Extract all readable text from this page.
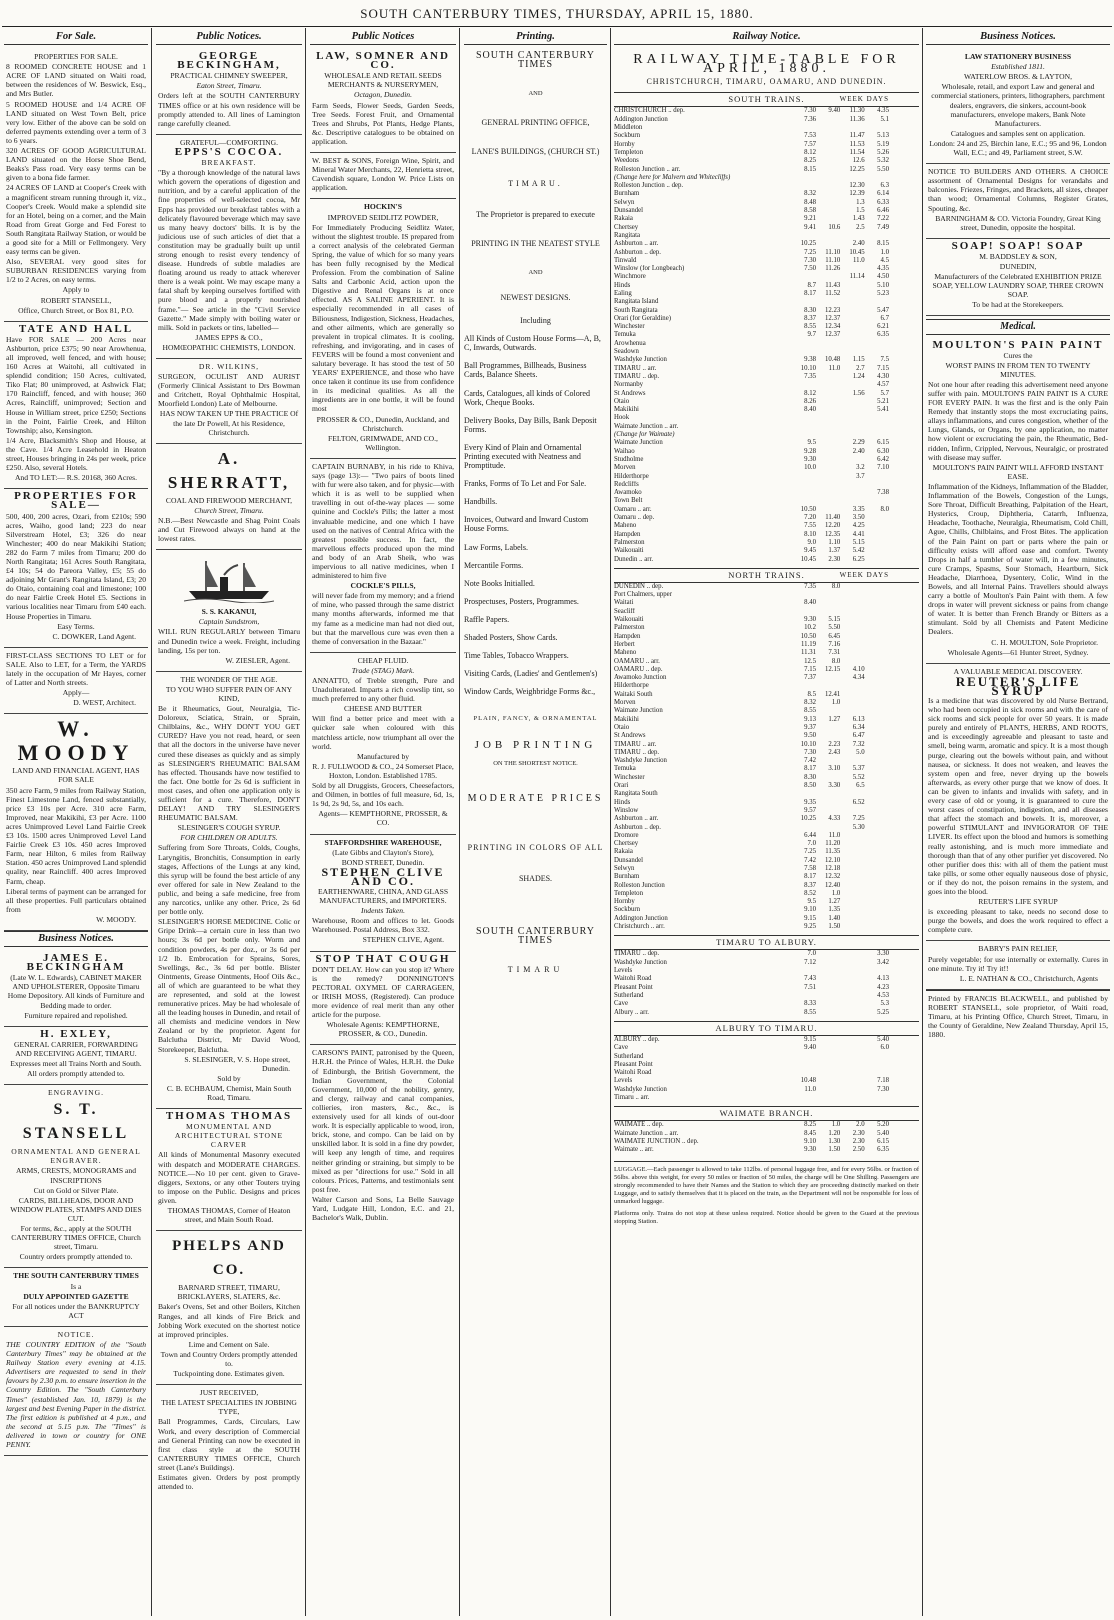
SOUTH CANTERBURY TIMES, THURSDAY, APRIL 15, 1880.
For Sale.

PROPERTIES FOR SALE.

8 ROOMED CONCRETE HOUSE and 1 ACRE OF LAND situated on Waiti road, between the residences of W. Beswick, Esq., and Mrs Butler.

5 ROOMED HOUSE and 1/4 ACRE OF LAND situated on West Town Belt, price very low. Either of the above can be sold on deferred payments extending over a term of 3 to 6 years.

320 ACRES OF GOOD AGRICULTURAL LAND situated on the Horse Shoe Bend, Beaks's Pass road. Very easy terms can be given to a bona fide farmer.

24 ACRES OF LAND at Cooper's Creek with a magnificent stream running through it, viz., Cooper's Creek. Would make a splendid site for an Hotel, being on a corner, and the Main Road from Great Gorge and Fed Forest to South Rangitata Railway Station, or would be a good site for a Mill or Fellmongery. Very easy terms can be given.

Also, SEVERAL very good sites for SUBURBAN RESIDENCES varying from 1/2 to 2 Acres, on easy terms.

Apply to

ROBERT STANSELL,

Office, Church Street, or Box 81, P.O.

TATE AND HALL

Have FOR SALE — 200 Acres near Ashburton, price £375; 90 near Arowhenua, all improved, well fenced, and with house; 160 Acres at Waitohi, all cultivated in splendid condition; 150 Acres, cultivated, Tiko Flat; 80 unimproved, at Ashwick Flat; 170 Raincliff, fenced, and with house; 360 Acres, Raincliff, unimproved; Section and House in William street, price £250; Sections in the Point, Fairlie Creek, and Hilton Township; also, Kensington.

1/4 Acre, Blacksmith's Shop and House, at the Cave. 1/4 Acre Leasehold in Heaton street, Houses bringing in 24s per week, price £250. Also, several Hotels.

And TO LET:— R.S. 20168, 360 Acres.

PROPERTIES FOR SALE—

500, 400, 200 acres, Ozari, from £210s; 590 acres, Waiho, good land; 223 do near Silverstream Hotel, £3; 326 do near Winchester; 400 do near Makikihi Station; 282 do Farm 7 miles from Timaru; 200 do North Rangitata; 161 Acres South Rangitata, £4 10s; 54 do Pareora Valley, £5; 55 do adjoining Mr Grant's Rangitata Island, £3; 20 do Otaio, containing coal and limestone; 100 do near Fairlie Creek Hotel £5. Sections in various localities near Timaru from £40 each. House Properties in Timaru.

Easy Terms.

C. DOWKER, Land Agent.

FIRST-CLASS SECTIONS TO LET or for SALE. Also to LET, for a Term, the YARDS lately in the occupation of Mr Hayes, corner of Latter and North streets.

Apply—

D. WEST, Architect.

W. MOODY

LAND AND FINANCIAL AGENT, HAS FOR SALE

350 acre Farm, 9 miles from Railway Station, Finest Limestone Land, fenced substantially, price £3 10s per Acre. 310 acre Farm, Improved, near Makikihi, £3 per Acre. 1100 acres Unimproved Level Land Fairlie Creek £3 10s. 1500 acres Unimproved Level Land Fairlie Creek £3 10s. 450 acres Improved Farm, near Hilton, 6 miles from Railway Station. 450 acres Unimproved Land splendid quality, near Raincliff. 400 acres Improved Farm, cheap.

Liberal terms of payment can be arranged for all these properties. Full particulars obtained from

W. MOODY.

Business Notices.

JAMES E. BECKINGHAM

(Late W. L. Edwards), CABINET MAKER AND UPHOLSTERER, Opposite Timaru Home Depository. All kinds of Furniture and Bedding made to order.

Furniture repaired and repolished.

H. EXLEY,

GENERAL CARRIER, FORWARDING AND RECEIVING AGENT, TIMARU.

Expresses meet all Trains North and South.

All orders promptly attended to.

ENGRAVING.

S. T. STANSELL

ORNAMENTAL AND GENERAL ENGRAVER.

ARMS, CRESTS, MONOGRAMS and INSCRIPTIONS

Cut on Gold or Silver Plate.

CARDS, BILLHEADS, DOOR AND WINDOW PLATES, STAMPS AND DIES CUT.

For terms, &c., apply at the SOUTH CANTERBURY TIMES OFFICE, Church street, Timaru.

Country orders promptly attended to.

THE SOUTH CANTERBURY TIMES

Is a

DULY APPOINTED GAZETTE

For all notices under the BANKRUPTCY ACT

NOTICE.

THE COUNTRY EDITION of the "South Canterbury Times" may be obtained at the Railway Station every evening at 4.15. Advertisers are requested to send in their favours by 2.30 p.m. to ensure insertion in the Country Edition. The "South Canterbury Times" (established Jan. 10, 1879) is the largest and best Evening Paper in the district. The first edition is published at 4 p.m., and the second at 5.15 p.m. The "Times" is delivered in town or country for ONE PENNY.

Public Notices.

GEORGE BECKINGHAM,

PRACTICAL CHIMNEY SWEEPER,

Eaton Street, Timaru.

Orders left at the SOUTH CANTERBURY TIMES office or at his own residence will be promptly attended to. All lines of Lamington range carefully cleaned.

GRATEFUL—COMFORTING.

EPPS'S COCOA.

BREAKFAST.

"By a thorough knowledge of the natural laws which govern the operations of digestion and nutrition, and by a careful application of the fine properties of well-selected cocoa, Mr Epps has provided our breakfast tables with a delicately flavoured beverage which may save us many heavy doctors' bills. It is by the judicious use of such articles of diet that a constitution may be gradually built up until strong enough to resist every tendency of disease. Hundreds of subtle maladies are floating around us ready to attack wherever there is a weak point. We may escape many a fatal shaft by keeping ourselves fortified with pure blood and a properly nourished frame."— See article in the "Civil Service Gazette." Made simply with boiling water or milk. Sold in packets or tins, labelled—

JAMES EPPS & CO.,

HOMŒOPATHIC CHEMISTS, LONDON.

DR. WILKINS,

SURGEON, OCULIST AND AURIST (Formerly Clinical Assistant to Drs Bowman and Critchett, Royal Ophthalmic Hospital, Moorfield London) Late of Melbourne.

HAS NOW TAKEN UP THE PRACTICE Of the late Dr Powell, At his Residence, Christchurch.

A. SHERRATT,

COAL AND FIREWOOD MERCHANT,

Church Street, Timaru.

N.B.—Best Newcastle and Shag Point Coals and Cut Firewood always on hand at the lowest rates.

S. S. KAKANUI,

Captain Sundstrom,

WILL RUN REGULARLY between Timaru and Dunedin twice a week. Freight, including landing, 15s per ton.

W. ZIESLER, Agent.

THE WONDER OF THE AGE.

TO YOU WHO SUFFER PAIN OF ANY KIND,

Be it Rheumatics, Gout, Neuralgia, Tic-Doloreux, Sciatica, Strain, or Sprain, Chilblains, &c., WHY DON'T YOU GET CURED? Have you not read, heard, or seen that all the doctors in the universe have never cured these diseases as quickly and as simply as SLESINGER'S RHEUMATIC BALSAM has effected. Thousands have now testified to the fact. One bottle for 2s 6d is sufficient in most cases, and often one application only is sufficient for a cure. Therefore, DON'T DELAY! AND TRY SLESINGER'S RHEUMATIC BALSAM.

SLESINGER'S COUGH SYRUP.

FOR CHILDREN OR ADULTS.

Suffering from Sore Throats, Colds, Coughs, Laryngitis, Bronchitis, Consumption in early stages, Affections of the Lungs at any kind, this syrup will be found the best article of any ever offered for sale in New Zealand to the public, and being a safe medicine, free from any narcotics, unlike any other. Price, 2s 6d per bottle only.

SLESINGER'S HORSE MEDICINE. Colic or Gripe Drink—a certain cure in less than two hours; 3s 6d per bottle only. Worm and condition powders, 4s per doz., or 3s 6d per 1/2 lb. Embrocation for Sprains, Sores, Swellings, &c., 3s 6d per bottle. Blister Ointments, Grease Ointments, Hoof Oils &c., all of which are guaranteed to be what they are represented, and sold at the lowest remunerative prices. May be had wholesale of all the leading houses in Dunedin, and retail of all chemists and medicine vendors in New Zealand or by the proprietor. Agent for Balclutha District, Mr David Wood, Storekeeper, Balclutha.

S. SLESINGER, V. S. Hope street, Dunedin.

Sold by

C. B. ECHBAUM, Chemist, Main South Road, Timaru.

THOMAS THOMAS

MONUMENTAL AND ARCHITECTURAL STONE CARVER

All kinds of Monumental Masonry executed with despatch and MODERATE CHARGES. NOTICE.—No 10 per cent. given to Grave-diggers, Sextons, or any other Touters trying to impose on the Public. Designs and prices given.

THOMAS THOMAS, Corner of Heaton street, and Main South Road.

PHELPS AND CO.

BARNARD STREET, TIMARU, BRICKLAYERS, SLATERS, &c.

Baker's Ovens, Set and other Boilers, Kitchen Ranges, and all kinds of Fire Brick and Jobbing Work executed on the shortest notice at improved principles.

Lime and Cement on Sale.

Town and Country Orders promptly attended to.

Tuckpointing done. Estimates given.

JUST RECEIVED,

THE LATEST SPECIALTIES IN JOBBING TYPE,

Ball Programmes, Cards, Circulars, Law Work, and every description of Commercial and General Printing can now be executed in first class style at the SOUTH CANTERBURY TIMES OFFICE, Church street (Lane's Buildings).

Estimates given. Orders by post promptly attended to.

Public Notices

LAW, SOMNER AND CO.

WHOLESALE AND RETAIL SEEDS MERCHANTS & NURSERYMEN,

Octagon, Dunedin.

Farm Seeds, Flower Seeds, Garden Seeds, Tree Seeds. Forest Fruit, and Ornamental Trees and Shrubs, Pot Plants, Hedge Plants, &c. Descriptive catalogues to be obtained on application.

W. BEST & SONS, Foreign Wine, Spirit, and Mineral Water Merchants, 22, Henrietta street, Cavendish square, London W. Price Lists on application.

HOCKIN'S

IMPROVED SEIDLITZ POWDER,

For Immediately Producing Seidlitz Water, without the slightest trouble. IS prepared from a correct analysis of the celebrated German Spring, the value of which for so many years has been fully recognised by the Medical Profession. From the combination of Saline Salts and Carbonic Acid, action upon the Digestive and Renal Organs is at once effected. AS A SALINE APERIENT. It is especially recommended in all cases of Biliousness, Indigestion, Sickness, Headaches, and other ailments, which are generally so prevalent in tropical climates. It is cooling, refreshing, and invigorating, and in cases of FEVERS will be found a most convenient and salutary beverage. It has stood the test of 50 YEARS' EXPERIENCE, and those who have once taken it continue its use from confidence in its medicinal qualities. As all the ingredients are in one bottle, it will be found most

PROSSER & CO., Dunedin, Auckland, and Christchurch.

FELTON, GRIMWADE, AND CO., Wellington.

CAPTAIN BURNABY, in his ride to Khiva, says (page 13):— "Two pairs of boots lined with fur were also taken, and for physic—with which it is as well to be supplied when travelling in out of-the-way places — some quinine and Cockle's Pills; the latter a most invaluable medicine, and one which I have used on the natives of Central Africa with the greatest possible success. In fact, the marvellous effects produced upon the mind and body of an Arab Sheik, who was impervious to all native medicines, when I administered to him five

COCKLE'S PILLS,

will never fade from my memory; and a friend of mine, who passed through the same district many months afterwards, informed me that my fame as a medicine man had not died out, but that the marvellous cure was even then a theme of conversation in the Bazaar."

CHEAP FLUID.

Trade (STAG) Mark.

ANNATTO, of Treble strength, Pure and Unadulterated. Imparts a rich cowslip tint, so much preferred to any other fluid.

CHEESE AND BUTTER

Will find a better price and meet with a quicker sale when coloured with this matchless article, now triumphant all over the world.

Manufactured by

R. J. FULLWOOD & CO., 24 Somerset Place, Hoxton, London. Established 1785.

Sold by all Druggists, Grocers, Cheesefactors, and Oilmen, in bottles of full measure, 6d, 1s, 1s 9d, 2s 9d, 5s, and 10s each.

Agents— KEMPTHORNE, PROSSER, & CO.

STAFFORDSHIRE WAREHOUSE,

(Late Gibbs and Clayton's Store),

BOND STREET, Dunedin.

STEPHEN CLIVE AND CO.

EARTHENWARE, CHINA, AND GLASS MANUFACTURERS, and IMPORTERS.

Indents Taken.

Warehouse, Room and offices to let. Goods Warehoused. Postal Address, Box 332.

STEPHEN CLIVE, Agent.

STOP THAT COUGH

DON'T DELAY. How can you stop it? Where is the remedy? DONNINGTON'S PECTORAL OXYMEL OF CARRAGEEN, or IRISH MOSS, (Registered). Can produce more evidence of real merit than any other article for the purpose.

Wholesale Agents: KEMPTHORNE, PROSSER, & CO., Dunedin.

CARSON'S PAINT, patronised by the Queen, H.R.H. the Prince of Wales, H.R.H. the Duke of Edinburgh, the British Government, the Indian Government, the Colonial Government, 10,000 of the nobility, gentry, and clergy, railway and canal companies, collieries, iron masters, &c., &c., is extensively used for all kinds of out-door work. It is especially applicable to wood, iron, brick, stone, and compo. Can be laid on by unskilled labor. It is sold in a fine dry powder, will keep any length of time, and requires neither grinding or straining, but simply to be mixed as per "directions for use." Sold in all colours. Prices, Patterns, and testimonials sent post free.

Walter Carson and Sons, La Belle Sauvage Yard, Ludgate Hill, London, E.C. and 21, Bachelor's Walk, Dublin.

Printing.
SOUTH CANTERBURY TIMES
AND
GENERAL PRINTING OFFICE,
LANE'S BUILDINGS, (CHURCH ST.)
TIMARU.
The Proprietor is prepared to execute
PRINTING IN THE NEATEST STYLE
AND
NEWEST DESIGNS.
Including
All Kinds of Custom House Forms—A, B, C, Inwards, Outwards.
Ball Programmes, Billheads, Business Cards, Balance Sheets.
Cards, Catalogues, all kinds of Colored Work, Cheque Books.
Delivery Books, Day Bills, Bank Deposit Forms.
Every Kind of Plain and Ornamental Printing executed with Neatness and Promptitude.
Franks, Forms of To Let and For Sale.
Handbills.
Invoices, Outward and Inward Custom House Forms.
Law Forms, Labels.
Mercantile Forms.
Note Books Initialled.
Prospectuses, Posters, Programmes.
Raffle Papers.
Shaded Posters, Show Cards.
Time Tables, Tobacco Wrappers.
Visiting Cards, (Ladies' and Gentlemen's)
Window Cards, Weighbridge Forms &c.,
PLAIN, FANCY, & ORNAMENTAL
JOB PRINTING
ON THE SHORTEST NOTICE.
MODERATE PRICES
PRINTING IN COLORS OF ALL
SHADES.
SOUTH CANTERBURY TIMES
TIMARU
Railway Notice.
RAILWAY TIME-TABLE FOR APRIL, 1880.
CHRISTCHURCH, TIMARU, OAMARU, AND DUNEDIN.
SOUTH TRAINS.	WEEK DAYS
CHRISTCHURCH .. dep.	7.30	9.40	11.30	4.35
Addington Junction	7.36	11.36	5.1
Middleton
Sockburn	7.53	11.47	5.13
Hornby	7.57	11.53	5.19
Templeton	8.12	11.54	5.26
Weedons	8.25	12.6	5.32
Rolleston Junction .. arr.	8.15	12.25	5.50
(Change here for Malvern and Whitecliffs)
Rolleston Junction .. dep.	12.30	6.3
Burnham	8.32	12.39	6.14
Selwyn	8.48	1.3	6.33
Dunsandel	8.58	1.5	6.46
Rakaia	9.21	1.43	7.22
Chertsey	9.41	10.6	2.5	7.49
Rangitata
Ashburton .. arr.	10.25	2.40	8.15
Ashburton .. dep.	7.25	11.10	10.45	1.0
Tinwald	7.30	11.10	11.0	4.5
Winslow (for Longbeach)	7.50	11.26	4.35
Winchmore	11.14	4.50
Hinds	8.7	11.43	5.10
Ealing	8.17	11.52	5.23
Rangitata Island
South Rangitata	8.30	12.23	5.47
Orari (for Geraldine)	8.37	12.37	6.7
Winchester	8.55	12.34	6.21
Temuka	9.7	12.37	6.35
Arowhenua
Seadown
Washdyke Junction	9.38	10.48	1.15	7.5
TIMARU .. arr.	10.10	11.0	2.7	7.15
TIMARU .. dep.	7.35	1.24	4.30
Normanby	4.57
St Andrews	8.12	1.56	5.7
Otaio	8.26	5.21
Makikihi	8.40	5.41
Hook
Waimate Junction .. arr.
(Change for Waimate)
Waimate Junction	9.5	2.29	6.15
Waihao	9.28	2.40	6.30
Studholme	9.30	6.42
Morven	10.0	3.2	7.10
Hilderthorpe	3.7
Redcliffs
Awamoko	7.38
Town Belt
Oamaru .. arr.	10.50	3.35	8.0
Oamaru .. dep.	7.20	11.40	3.50
Maheno	7.55	12.20	4.25
Hampden	8.10	12.35	4.41
Palmerston	9.0	1.10	5.15
Waikouaiti	9.45	1.37	5.42
Dunedin .. arr.	10.45	2.30	6.25
NORTH TRAINS.	WEEK DAYS
DUNEDIN .. dep.	7.35	8.0
Port Chalmers, upper
Waitati	8.40
Seacliff
Waikouaiti	9.30	5.15
Palmerston	10.2	5.50
Hampden	10.50	6.45
Herbert	11.19	7.16
Maheno	11.31	7.31
OAMARU .. arr.	12.5	8.0
OAMARU .. dep.	7.15	12.15	4.10
Awamoko Junction	7.37	4.34
Hilderthorpe
Waitaki South	8.5	12.41
Morven	8.32	1.0
Waimate Junction	8.55
Makikihi	9.13	1.27	6.13
Otaio	9.37	6.34
St Andrews	9.50	6.47
TIMARU .. arr.	10.10	2.23	7.32
TIMARU .. dep.	7.30	2.43	5.0
Washdyke Junction	7.42
Temuka	8.17	3.10	5.37
Winchester	8.30	5.52
Orari	8.50	3.30	6.5
Rangitata South
Hinds	9.35	6.52
Winslow	9.57
Ashburton .. arr.	10.25	4.33	7.25
Ashburton .. dep.	5.30
Dromore	6.44	11.0
Chertsey	7.0	11.20
Rakaia	7.25	11.35
Dunsandel	7.42	12.10
Selwyn	7.58	12.18
Burnham	8.17	12.32
Rolleston Junction	8.37	12.40
Templeton	8.52	1.0
Hornby	9.5	1.27
Sockburn	9.10	1.35
Addington Junction	9.15	1.40
Christchurch .. arr.	9.25	1.50
TIMARU TO ALBURY.
TIMARU .. dep.	7.0	3.30
Washdyke Junction	7.12	3.42
Levels
Waitohi Road	7.43	4.13
Pleasant Point	7.51	4.23
Sutherland	4.53
Cave	8.33	5.3
Albury .. arr.	8.55	5.25
ALBURY TO TIMARU.
ALBURY .. dep.	9.15	5.40
Cave	9.40	6.0
Sutherland
Pleasant Point
Waitohi Road
Levels	10.48	7.18
Washdyke Junction	11.0	7.30
Timaru .. arr.
WAIMATE BRANCH.
WAIMATE .. dep.	8.25	1.0	2.0	5.20
Waimate Junction .. arr.	8.45	1.20	2.30	5.40
WAIMATE JUNCTION .. dep.	9.10	1.30	2.30	6.15
Waimate .. arr.	9.30	1.50	2.50	6.35
LUGGAGE.—Each passenger is allowed to take 112lbs. of personal luggage free, and for every 56lbs. or fraction of 56lbs. above this weight, for every 50 miles or fraction of 50 miles, the charge will be One Shilling. Passengers are strongly recommended to have their Names and the Station to which they are proceeding distinctly marked on their Luggage, and to satisfy themselves that it is placed on the train, as the Department will not be responsible for loss of unmarked luggage.
Platforms only. Trains do not stop at these unless required. Notice should be given to the Guard at the previous stopping Station.
Business Notices.

LAW STATIONERY BUSINESS

Established 1811.

WATERLOW BROS. & LAYTON,

Wholesale, retail, and export Law and general and commercial stationers, printers, lithographers, parchment dealers, engravers, die sinkers, account-book manufacturers, envelope makers, Bank Note Manufacturers.

Catalogues and samples sent on application.

London: 24 and 25, Birchin lane, E.C.; 95 and 96, London Wall, E.C.; and 49, Parliament street, S.W.

NOTICE TO BUILDERS AND OTHERS. A CHOICE assortment of Ornamental Designs for verandahs and balconies. Friezes, Fringes, and Brackets, all sizes, cheaper than wood; Ornamental Columns, Register Grates, Spouting, &c.

BARNINGHAM & CO. Victoria Foundry, Great King street, Dunedin, opposite the hospital.

SOAP! SOAP! SOAP

M. BADDSLEY & SON,

DUNEDIN,

Manufacturers of the Celebrated EXHIBITION PRIZE SOAP, YELLOW LAUNDRY SOAP, THREE CROWN SOAP.

To be had at the Storekeepers.

Medical.

MOULTON'S PAIN PAINT

Cures the

WORST PAINS IN FROM TEN TO TWENTY MINUTES.

Not one hour after reading this advertisement need anyone suffer with pain. MOULTON'S PAIN PAINT IS A CURE FOR EVERY PAIN. It was the first and is the only Pain Remedy that instantly stops the most excruciating pains, allays inflammations, and cures congestion, whether of the Lungs, Glands, or Organs, by one application, no matter how violent or excruciating the pain, the Rheumatic, Bed-ridden, Infirm, Crippled, Nervous, Neuralgic, or prostrated with disease may suffer.

MOULTON'S PAIN PAINT WILL AFFORD INSTANT EASE.

Inflammation of the Kidneys, Inflammation of the Bladder, Inflammation of the Bowels, Congestion of the Lungs, Sore Throat, Difficult Breathing, Palpitation of the Heart, Hysterics, Croup, Diphtheria, Catarrh, Influenza, Headache, Toothache, Neuralgia, Rheumatism, Cold Chill, Ague, Chills, Chilblains, and Frost Bites. The application of the Pain Paint on part or parts where the pain or difficulty exists will afford ease and comfort. Twenty Drops in half a tumbler of water will, in a few minutes, cure Cramps, Spasms, Sour Stomach, Heartburn, Sick Headache, Diarrhoea, Dysentery, Colic, Wind in the Bowels, and all Internal Pains. Travellers should always carry a bottle of Moulton's Pain Paint with them. A few drops in water will prevent sickness or pains from change of water. It is better than French Brandy or Bitters as a stimulant. Sold by all Chemists and Patent Medicine Dealers.

C. H. MOULTON, Sole Proprietor.

Wholesale Agents—61 Hunter Street, Sydney.

A VALUABLE MEDICAL DISCOVERY.

REUTER'S LIFE SYRUP

Is a medicine that was discovered by old Nurse Bertrand, who had been occupied in sick rooms and with the care of sick rooms and sick people for over 50 years. It is made purely and entirely of PLANTS, HERBS, AND ROOTS, and is exceedingly agreeable and pleasant to taste and smell, being warm, aromatic and spicy. It is a most though purge, clearing out the bowels without pain, and without nausea, or sickness. It does not weaken, and leaves the system open and free, never drying up the bowels afterwards, as every other purge that we know of does. It can be given to infants and invalids with safety, and in every case of old or young, it is guaranteed to cure the worst cases of constipation, indigestion, and all diseases that affect the stomach and bowels. It is, moreover, a powerful STIMULANT and INVIGORATOR OF THE LIVER. Its effect upon the blood and humors is something really astonishing, and is much more immediate and thorough than that of any other purifier yet discovered. No other purifier does this: with all of them the patient must take pills, or some other equally nauseous dose of physic, or if they do not, the poison remains in the system, and goes into the blood.

REUTER'S LIFE SYRUP

is exceeding pleasant to take, needs no second dose to purge the bowels, and does the work required to effect a complete cure.

BABRY'S PAIN RELIEF,

Purely vegetable; for use internally or externally. Cures in one minute. Try it! Try it!!

L. E. NATHAN & CO., Christchurch, Agents

Printed by FRANCIS BLACKWELL, and published by ROBERT STANSELL, sole proprietor, of Waiti road, Timaru, at his Printing Office, Church Street, Timaru, in the County of Geraldine, New Zealand Thursday, April 15, 1880.
